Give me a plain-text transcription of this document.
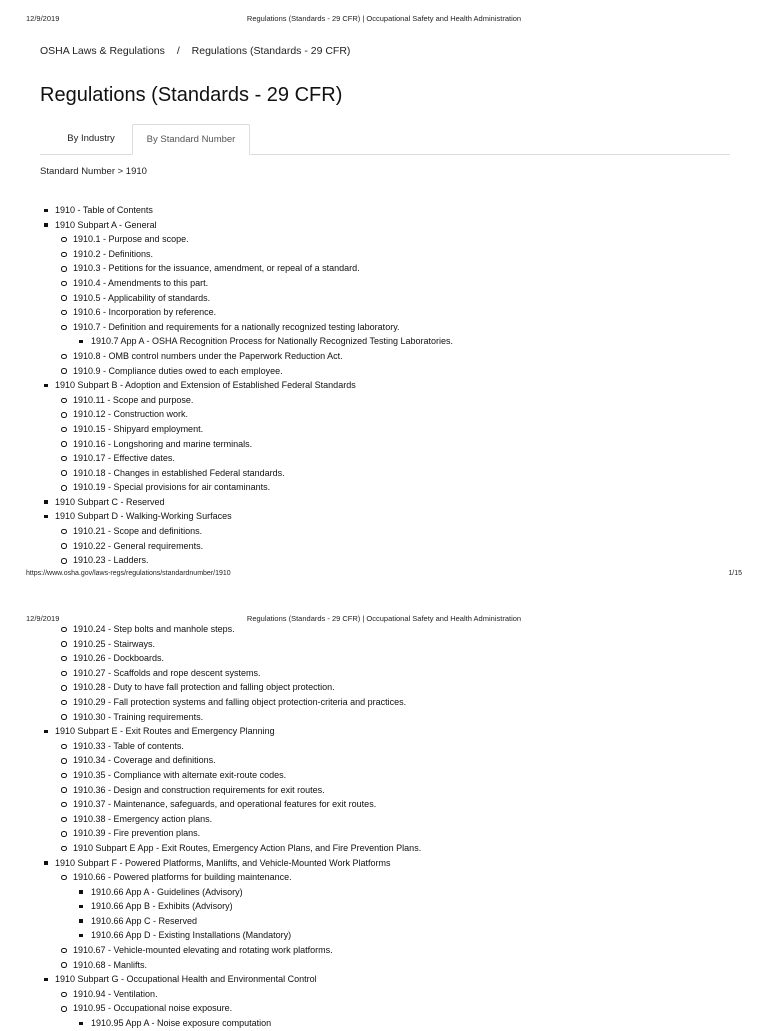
12/9/2019	Regulations (Standards - 29 CFR) | Occupational Safety and Health Administration
OSHA Laws & Regulations / Regulations (Standards - 29 CFR)
Regulations (Standards - 29 CFR)
By Industry	By Standard Number
Standard Number > 1910
1910 - Table of Contents
1910 Subpart A - General
1910.1 - Purpose and scope.
1910.2 - Definitions.
1910.3 - Petitions for the issuance, amendment, or repeal of a standard.
1910.4 - Amendments to this part.
1910.5 - Applicability of standards.
1910.6 - Incorporation by reference.
1910.7 - Definition and requirements for a nationally recognized testing laboratory.
1910.7 App A - OSHA Recognition Process for Nationally Recognized Testing Laboratories.
1910.8 - OMB control numbers under the Paperwork Reduction Act.
1910.9 - Compliance duties owed to each employee.
1910 Subpart B - Adoption and Extension of Established Federal Standards
1910.11 - Scope and purpose.
1910.12 - Construction work.
1910.15 - Shipyard employment.
1910.16 - Longshoring and marine terminals.
1910.17 - Effective dates.
1910.18 - Changes in established Federal standards.
1910.19 - Special provisions for air contaminants.
1910 Subpart C - Reserved
1910 Subpart D - Walking-Working Surfaces
1910.21 - Scope and definitions.
1910.22 - General requirements.
1910.23 - Ladders.
https://www.osha.gov/laws-regs/regulations/standardnumber/1910	1/15
12/9/2019	Regulations (Standards - 29 CFR) | Occupational Safety and Health Administration
1910.24 - Step bolts and manhole steps.
1910.25 - Stairways.
1910.26 - Dockboards.
1910.27 - Scaffolds and rope descent systems.
1910.28 - Duty to have fall protection and falling object protection.
1910.29 - Fall protection systems and falling object protection-criteria and practices.
1910.30 - Training requirements.
1910 Subpart E - Exit Routes and Emergency Planning
1910.33 - Table of contents.
1910.34 - Coverage and definitions.
1910.35 - Compliance with alternate exit-route codes.
1910.36 - Design and construction requirements for exit routes.
1910.37 - Maintenance, safeguards, and operational features for exit routes.
1910.38 - Emergency action plans.
1910.39 - Fire prevention plans.
1910 Subpart E App - Exit Routes, Emergency Action Plans, and Fire Prevention Plans.
1910 Subpart F - Powered Platforms, Manlifts, and Vehicle-Mounted Work Platforms
1910.66 - Powered platforms for building maintenance.
1910.66 App A - Guidelines (Advisory)
1910.66 App B - Exhibits (Advisory)
1910.66 App C - Reserved
1910.66 App D - Existing Installations (Mandatory)
1910.67 - Vehicle-mounted elevating and rotating work platforms.
1910.68 - Manlifts.
1910 Subpart G - Occupational Health and Environmental Control
1910.94 - Ventilation.
1910.95 - Occupational noise exposure.
1910.95 App A - Noise exposure computation
